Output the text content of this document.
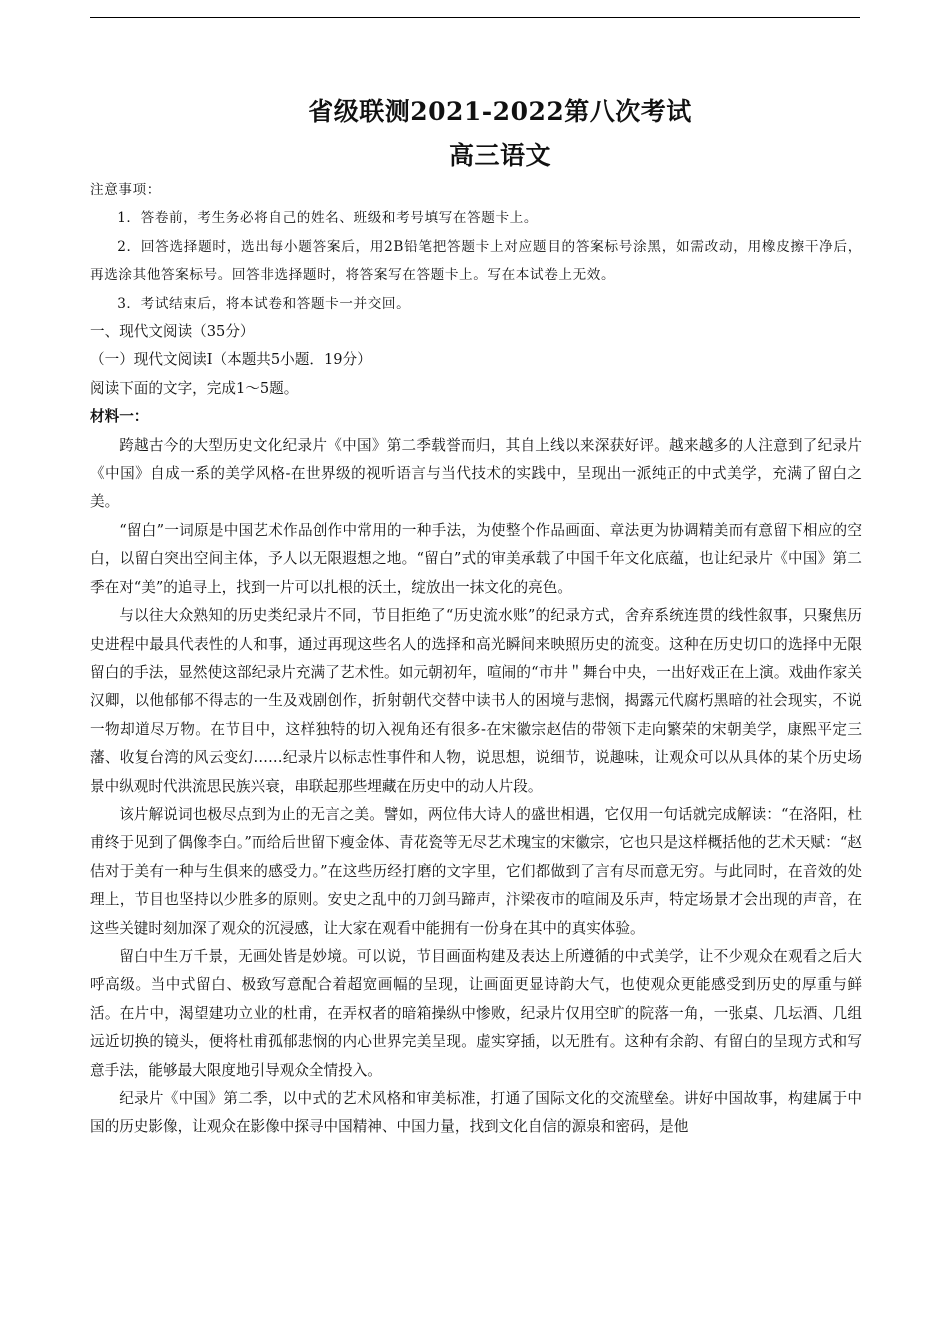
省级联测2021-2022第八次考试
高三语文

注意事项：

1．答卷前，考生务必将自己的姓名、班级和考号填写在答题卡上。

2．回答选择题时，选出每小题答案后，用2B铅笔把答题卡上对应题目的答案标号涂黑，如需改动，用橡皮擦干净后，再选涂其他答案标号。回答非选择题时，将答案写在答题卡上。写在本试卷上无效。

3．考试结束后，将本试卷和答题卡一并交回。

一、现代文阅读（35分）

（一）现代文阅读Ⅰ（本题共5小题．19分）

阅读下面的文字，完成1～5题。

材料一：

跨越古今的大型历史文化纪录片《中国》第二季载誉而归，其自上线以来深获好评。越来越多的人注意到了纪录片《中国》自成一系的美学风格-在世界级的视听语言与当代技术的实践中，呈现出一派纯正的中式美学，充满了留白之美。

“留白”一词原是中国艺术作品创作中常用的一种手法，为使整个作品画面、章法更为协调精美而有意留下相应的空白，以留白突出空间主体，予人以无限遐想之地。“留白”式的审美承载了中国千年文化底蕴，也让纪录片《中国》第二季在对“美”的追寻上，找到一片可以扎根的沃土，绽放出一抹文化的亮色。

与以往大众熟知的历史类纪录片不同，节目拒绝了“历史流水账”的纪录方式，舍弃系统连贯的线性叙事，只聚焦历史进程中最具代表性的人和事，通过再现这些名人的选择和高光瞬间来映照历史的流变。这种在历史切口的选择中无限留白的手法，显然使这部纪录片充满了艺术性。如元朝初年，喧闹的“市井＂舞台中央，一出好戏正在上演。戏曲作家关汉卿，以他郁郁不得志的一生及戏剧创作，折射朝代交替中读书人的困境与悲悯，揭露元代腐朽黑暗的社会现实，不说一物却道尽万物。在节目中，这样独特的切入视角还有很多-在宋徽宗赵佶的带领下走向繁荣的宋朝美学，康熙平定三藩、收复台湾的风云变幻……纪录片以标志性事件和人物，说思想，说细节，说趣味，让观众可以从具体的某个历史场景中纵观时代洪流思民族兴衰，串联起那些埋藏在历史中的动人片段。

该片解说词也极尽点到为止的无言之美。譬如，两位伟大诗人的盛世相遇，它仅用一句话就完成解读：“在洛阳，杜甫终于见到了偶像李白。”而给后世留下瘦金体、青花瓷等无尽艺术瑰宝的宋徽宗，它也只是这样概括他的艺术天赋：“赵佶对于美有一种与生俱来的感受力。”在这些历经打磨的文字里，它们都做到了言有尽而意无穷。与此同时，在音效的处理上，节目也坚持以少胜多的原则。安史之乱中的刀剑马蹄声，汴梁夜市的喧闹及乐声，特定场景才会出现的声音，在这些关键时刻加深了观众的沉浸感，让大家在观看中能拥有一份身在其中的真实体验。

留白中生万千景，无画处皆是妙境。可以说，节目画面构建及表达上所遵循的中式美学，让不少观众在观看之后大呼高级。当中式留白、极致写意配合着超宽画幅的呈现，让画面更显诗韵大气，也使观众更能感受到历史的厚重与鲜活。在片中，渴望建功立业的杜甫，在弄权者的暗箱操纵中惨败，纪录片仅用空旷的院落一角，一张桌、几坛酒、几组远近切换的镜头，便将杜甫孤郁悲悯的内心世界完美呈现。虚实穿插，以无胜有。这种有余韵、有留白的呈现方式和写意手法，能够最大限度地引导观众全情投入。

纪录片《中国》第二季，以中式的艺术风格和审美标准，打通了国际文化的交流壁垒。讲好中国故事，构建属于中国的历史影像，让观众在影像中探寻中国精神、中国力量，找到文化自信的源泉和密码，是他
